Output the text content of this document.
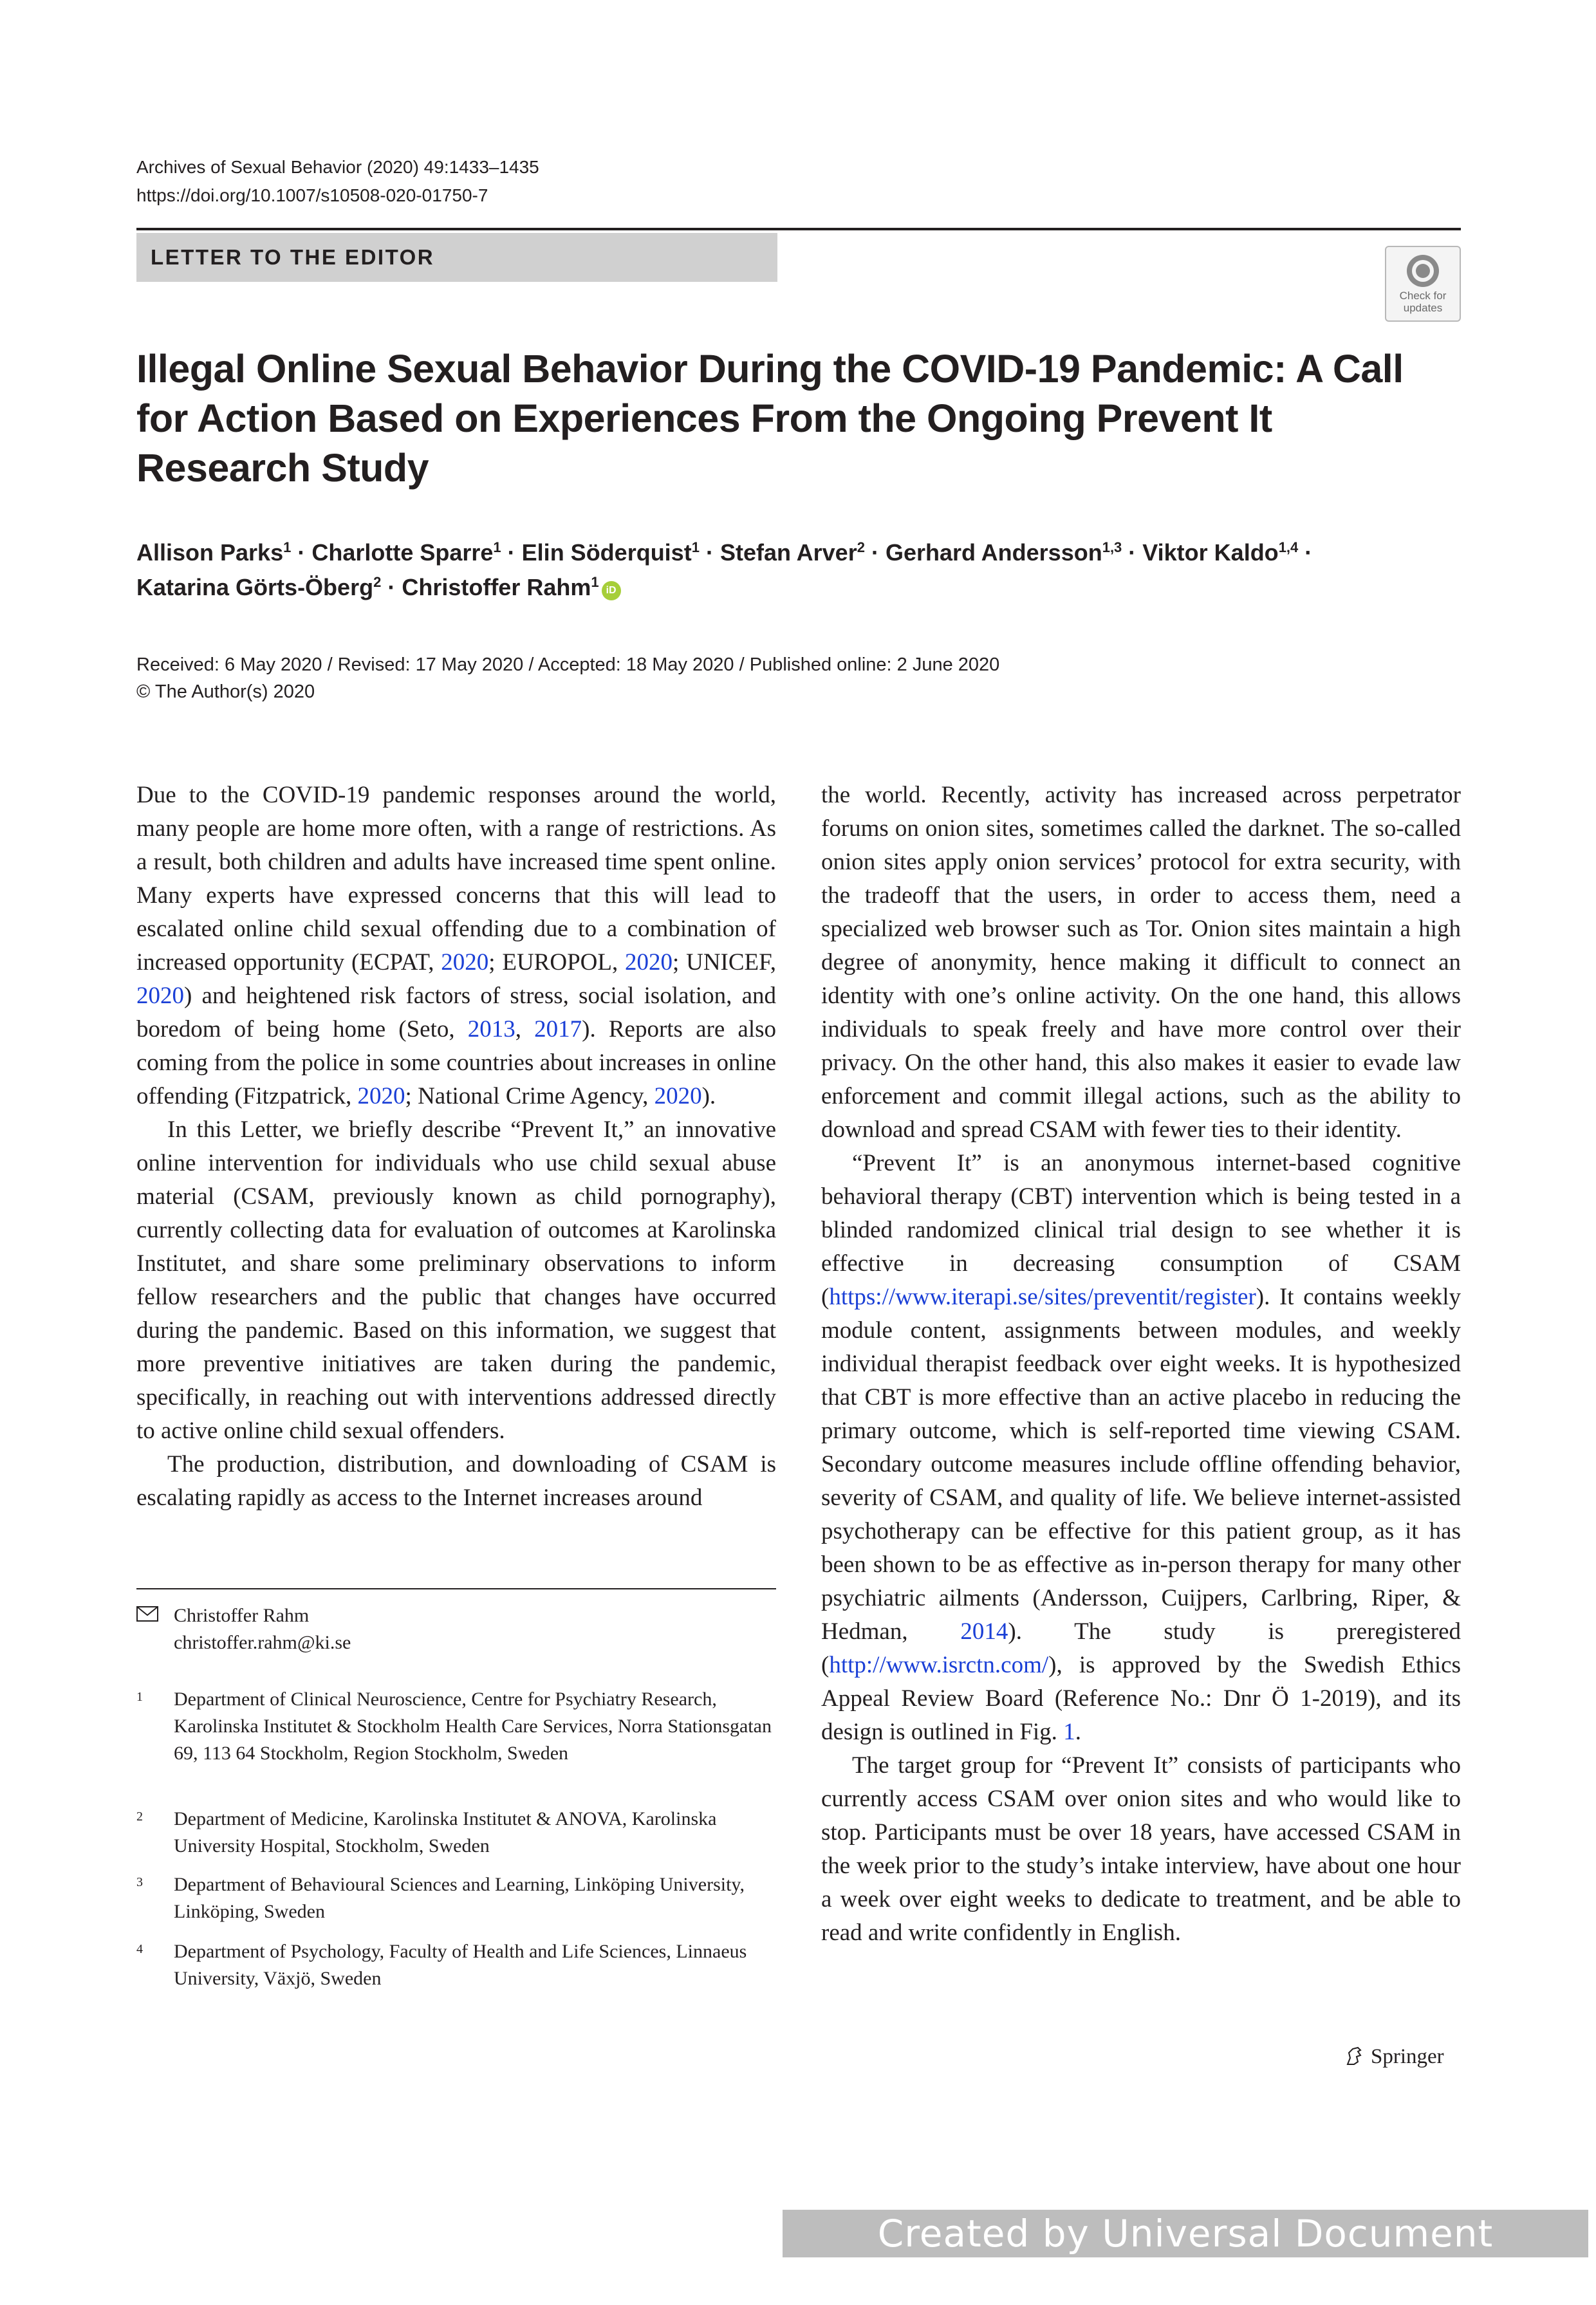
Archives of Sexual Behavior (2020) 49:1433–1435
https://doi.org/10.1007/s10508-020-01750-7
LETTER TO THE EDITOR
Check for
updates
Illegal Online Sexual Behavior During the COVID-19 Pandemic: A Call for Action Based on Experiences From the Ongoing Prevent It Research Study
Allison Parks$^1$ · Charlotte Sparre$^1$ · Elin Söderquist$^1$ · Stefan Arver$^2$ · Gerhard Andersson$^{1,3}$ · Viktor Kaldo$^{1,4}$ ·
Katarina Görts-Öberg$^2$ · Christoffer Rahm$^1$iD
Received: 6 May 2020 / Revised: 17 May 2020 / Accepted: 18 May 2020 / Published online: 2 June 2020
© The Author(s) 2020

Due to the COVID-19 pandemic responses around the world, many people are home more often, with a range of restrictions. As a result, both children and adults have increased time spent online. Many experts have expressed concerns that this will lead to escalated online child sexual offending due to a combination of increased opportunity (ECPAT, 2020; EUROPOL, 2020; UNICEF, 2020) and heightened risk factors of stress, social isolation, and boredom of being home (Seto, 2013, 2017). Reports are also coming from the police in some countries about increases in online offending (Fitzpatrick, 2020; National Crime Agency, 2020).

In this Letter, we briefly describe “Prevent It,” an innovative online intervention for individuals who use child sexual abuse material (CSAM, previously known as child pornography), currently collecting data for evaluation of outcomes at Karolinska Institutet, and share some preliminary observations to inform fellow researchers and the public that changes have occurred during the pandemic. Based on this information, we suggest that more preventive initiatives are taken during the pandemic, specifically, in reaching out with interventions addressed directly to active online child sexual offenders.

The production, distribution, and downloading of CSAM is escalating rapidly as access to the Internet increases around

the world. Recently, activity has increased across perpetrator forums on onion sites, sometimes called the darknet. The so-called onion sites apply onion services’ protocol for extra security, with the tradeoff that the users, in order to access them, need a specialized web browser such as Tor. Onion sites maintain a high degree of anonymity, hence making it difficult to connect an identity with one’s online activity. On the one hand, this allows individuals to speak freely and have more control over their privacy. On the other hand, this also makes it easier to evade law enforcement and commit illegal actions, such as the ability to download and spread CSAM with fewer ties to their identity.

“Prevent It” is an anonymous internet-based cognitive behavioral therapy (CBT) intervention which is being tested in a blinded randomized clinical trial design to see whether it is effective in decreasing consumption of CSAM (https://www.iterapi.se/sites/preventit/register). It contains weekly module content, assignments between modules, and weekly individual therapist feedback over eight weeks. It is hypothesized that CBT is more effective than an active placebo in reducing the primary outcome, which is self-reported time viewing CSAM. Secondary outcome measures include offline offending behavior, severity of CSAM, and quality of life. We believe internet-assisted psychotherapy can be effective for this patient group, as it has been shown to be as effective as in-person therapy for many other psychiatric ailments (Andersson, Cuijpers, Carlbring, Riper, & Hedman, 2014). The study is preregistered (http://www.isrctn.com/), is approved by the Swedish Ethics Appeal Review Board (Reference No.: Dnr Ö 1-2019), and its design is outlined in Fig. 1.

The target group for “Prevent It” consists of participants who currently access CSAM over onion sites and who would like to stop. Participants must be over 18 years, have accessed CSAM in the week prior to the study’s intake interview, have about one hour a week over eight weeks to dedicate to treatment, and be able to read and write confidently in English.

Christoffer Rahm
christoffer.rahm@ki.se
1 Department of Clinical Neuroscience, Centre for Psychiatry Research, Karolinska Institutet & Stockholm Health Care Services, Norra Stationsgatan 69, 113 64 Stockholm, Region Stockholm, Sweden
2 Department of Medicine, Karolinska Institutet & ANOVA, Karolinska University Hospital, Stockholm, Sweden
3 Department of Behavioural Sciences and Learning, Linköping University, Linköping, Sweden
4 Department of Psychology, Faculty of Health and Life Sciences, Linnaeus University, Växjö, Sweden
Springer
Created by Universal Document Converter
